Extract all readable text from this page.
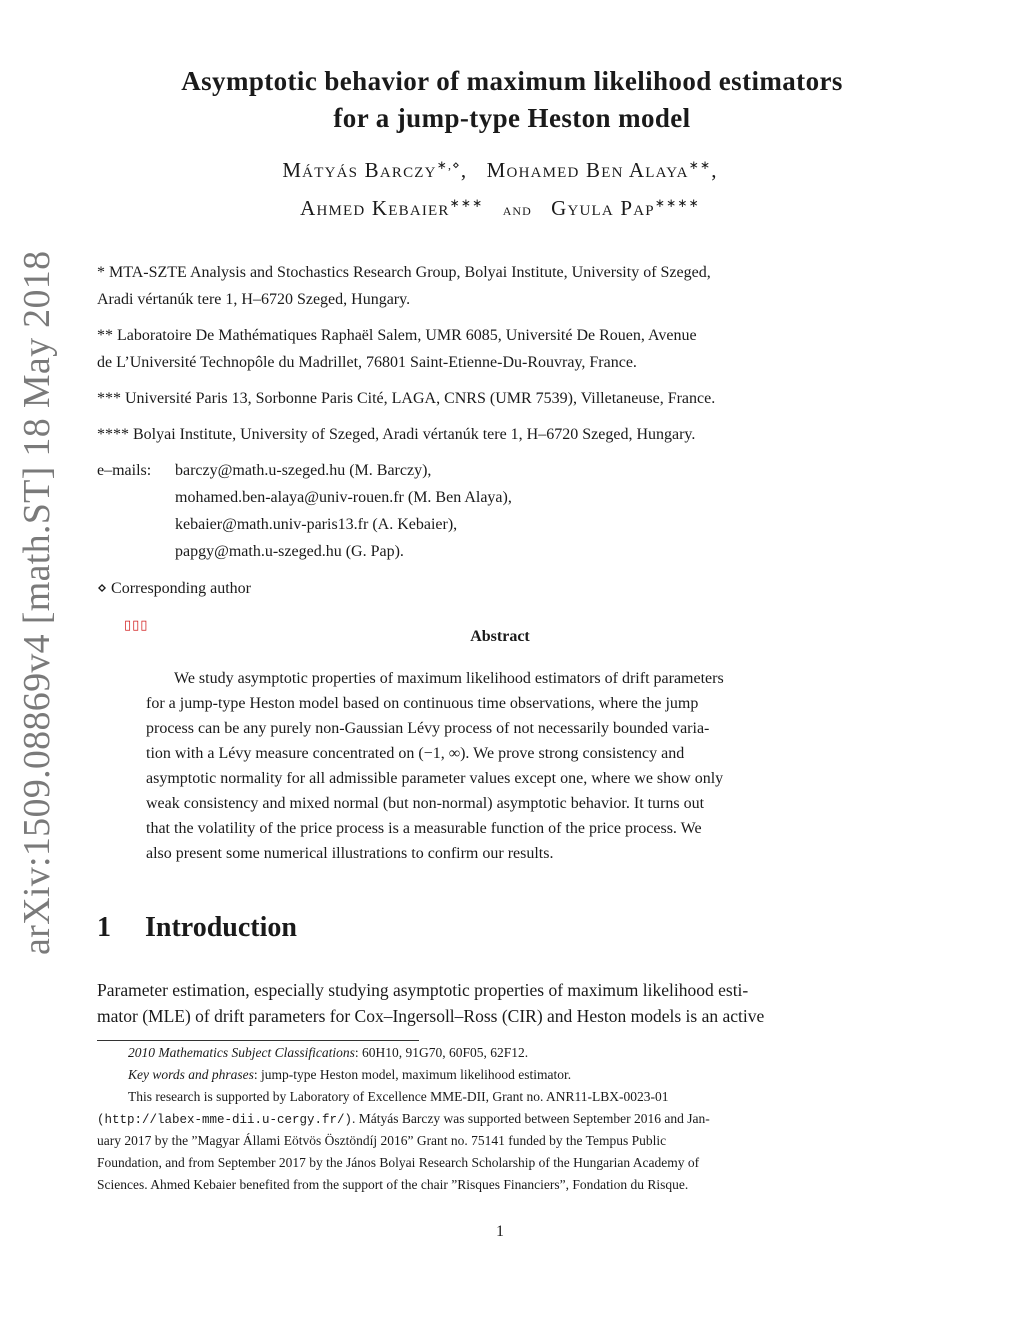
arXiv:1509.08869v4 [math.ST] 18 May 2018

Asymptotic behavior of maximum likelihood estimators

for a jump-type Heston model

Mátyás Barczy∗,⋄, Mohamed Ben Alaya∗∗,

Ahmed Kebaier∗∗∗ and Gyula Pap∗∗∗∗

* MTA-SZTE Analysis and Stochastics Research Group, Bolyai Institute, University of Szeged,

Aradi vértanúk tere 1, H–6720 Szeged, Hungary.

** Laboratoire De Mathématiques Raphaël Salem, UMR 6085, Université De Rouen, Avenue

de L’Université Technopôle du Madrillet, 76801 Saint-Etienne-Du-Rouvray, France.

*** Université Paris 13, Sorbonne Paris Cité, LAGA, CNRS (UMR 7539), Villetaneuse, France.

**** Bolyai Institute, University of Szeged, Aradi vértanúk tere 1, H–6720 Szeged, Hungary.

e–mails: barczy@math.u-szeged.hu (M. Barczy),

mohamed.ben-alaya@univ-rouen.fr (M. Ben Alaya),

kebaier@math.univ-paris13.fr (A. Kebaier),

papgy@math.u-szeged.hu (G. Pap).

⋄ Corresponding author

▯▯▯

Abstract

We study asymptotic properties of maximum likelihood estimators of drift parameters

for a jump-type Heston model based on continuous time observations, where the jump

process can be any purely non-Gaussian Lévy process of not necessarily bounded varia-

tion with a Lévy measure concentrated on (−1, ∞). We prove strong consistency and

asymptotic normality for all admissible parameter values except one, where we show only

weak consistency and mixed normal (but non-normal) asymptotic behavior. It turns out

that the volatility of the price process is a measurable function of the price process. We

also present some numerical illustrations to confirm our results.

1 Introduction

Parameter estimation, especially studying asymptotic properties of maximum likelihood esti-

mator (MLE) of drift parameters for Cox–Ingersoll–Ross (CIR) and Heston models is an active

2010 Mathematics Subject Classifications: 60H10, 91G70, 60F05, 62F12.

Key words and phrases: jump-type Heston model, maximum likelihood estimator.

This research is supported by Laboratory of Excellence MME-DII, Grant no. ANR11-LBX-0023-01

(http://labex-mme-dii.u-cergy.fr/). Mátyás Barczy was supported between September 2016 and Jan-

uary 2017 by the ”Magyar Állami Eötvös Ösztöndíj 2016” Grant no. 75141 funded by the Tempus Public

Foundation, and from September 2017 by the János Bolyai Research Scholarship of the Hungarian Academy of

Sciences. Ahmed Kebaier benefited from the support of the chair ”Risques Financiers”, Fondation du Risque.

1
